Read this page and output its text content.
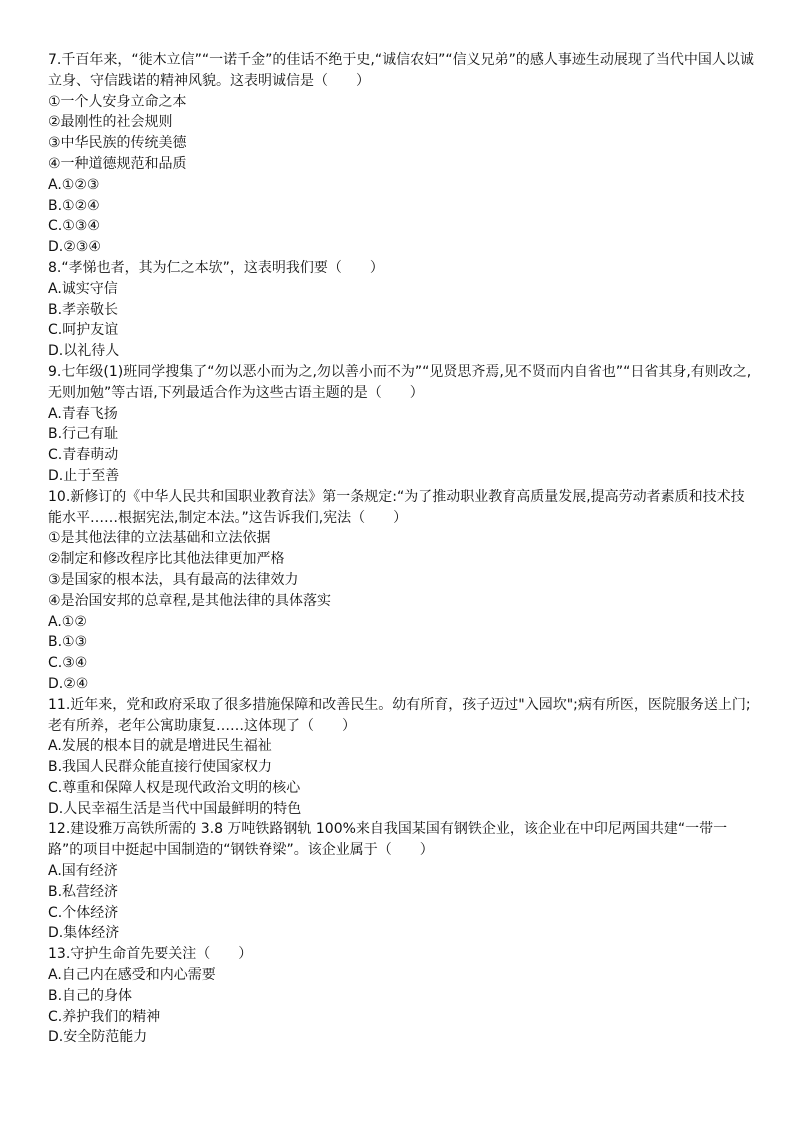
7.千百年来，“徙木立信”“一诺千金”的佳话不绝于史,“诚信农妇”“信义兄弟”的感人事迹生动展现了当代中国人以诚立身、守信践诺的精神风貌。这表明诚信是（　　）
①一个人安身立命之本
②最刚性的社会规则
③中华民族的传统美德
④一种道德规范和品质
A.①②③
B.①②④
C.①③④
D.②③④
8.“孝悌也者，其为仁之本欤”，这表明我们要（　　）
A.诚实守信
B.孝亲敬长
C.呵护友谊
D.以礼待人
9.七年级(1)班同学搜集了“勿以恶小而为之,勿以善小而不为”“见贤思齐焉,见不贤而内自省也”“日省其身,有则改之,无则加勉”等古语,下列最适合作为这些古语主题的是（　　）
A.青春飞扬
B.行己有耻
C.青春萌动
D.止于至善
10.新修订的《中华人民共和国职业教育法》第一条规定:“为了推动职业教育高质量发展,提高劳动者素质和技术技能水平……根据宪法,制定本法。”这告诉我们,宪法（　　）
①是其他法律的立法基础和立法依据
②制定和修改程序比其他法律更加严格
③是国家的根本法，具有最高的法律效力
④是治国安邦的总章程,是其他法律的具体落实
A.①②
B.①③
C.③④
D.②④
11.近年来，党和政府采取了很多措施保障和改善民生。幼有所育，孩子迈过"入园坎";病有所医，医院服务送上门;老有所养，老年公寓助康复……这体现了（　　）
A.发展的根本目的就是增进民生福祉
B.我国人民群众能直接行使国家权力
C.尊重和保障人权是现代政治文明的核心
D.人民幸福生活是当代中国最鲜明的特色
12.建设雅万高铁所需的 3.8 万吨铁路钢轨 100%来自我国某国有钢铁企业，该企业在中印尼两国共建“一带一路”的项目中挺起中国制造的“钢铁脊梁”。该企业属于（　　）
A.国有经济
B.私营经济
C.个体经济
D.集体经济
13.守护生命首先要关注（　　）
A.自己内在感受和内心需要
B.自己的身体
C.养护我们的精神
D.安全防范能力
